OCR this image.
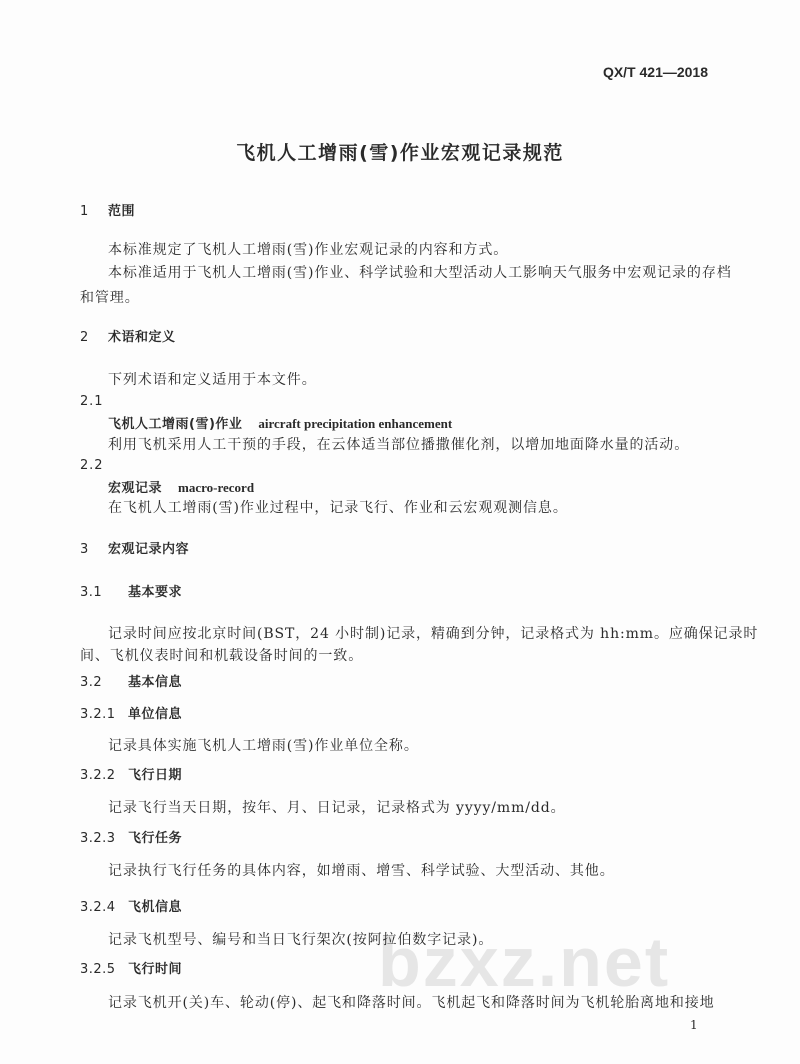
QX/T 421—2018
飞机人工增雨(雪)作业宏观记录规范
1 范围
本标准规定了飞机人工增雨(雪)作业宏观记录的内容和方式。
本标准适用于飞机人工增雨(雪)作业、科学试验和大型活动人工影响天气服务中宏观记录的存档
和管理。
2 术语和定义
下列术语和定义适用于本文件。
2.1
飞机人工增雨(雪)作业 aircraft precipitation enhancement
利用飞机采用人工干预的手段，在云体适当部位播撒催化剂，以增加地面降水量的活动。
2.2
宏观记录 macro-record
在飞机人工增雨(雪)作业过程中，记录飞行、作业和云宏观观测信息。
3 宏观记录内容
3.1 基本要求
记录时间应按北京时间(BST，24 小时制)记录，精确到分钟，记录格式为 hh:mm。应确保记录时
间、飞机仪表时间和机载设备时间的一致。
3.2 基本信息
3.2.1 单位信息
记录具体实施飞机人工增雨(雪)作业单位全称。
3.2.2 飞行日期
记录飞行当天日期，按年、月、日记录，记录格式为 yyyy/mm/dd。
3.2.3 飞行任务
记录执行飞行任务的具体内容，如增雨、增雪、科学试验、大型活动、其他。
bzxz.net
3.2.4 飞机信息
记录飞机型号、编号和当日飞行架次(按阿拉伯数字记录)。
3.2.5 飞行时间
记录飞机开(关)车、轮动(停)、起飞和降落时间。飞机起飞和降落时间为飞机轮胎离地和接地
1
